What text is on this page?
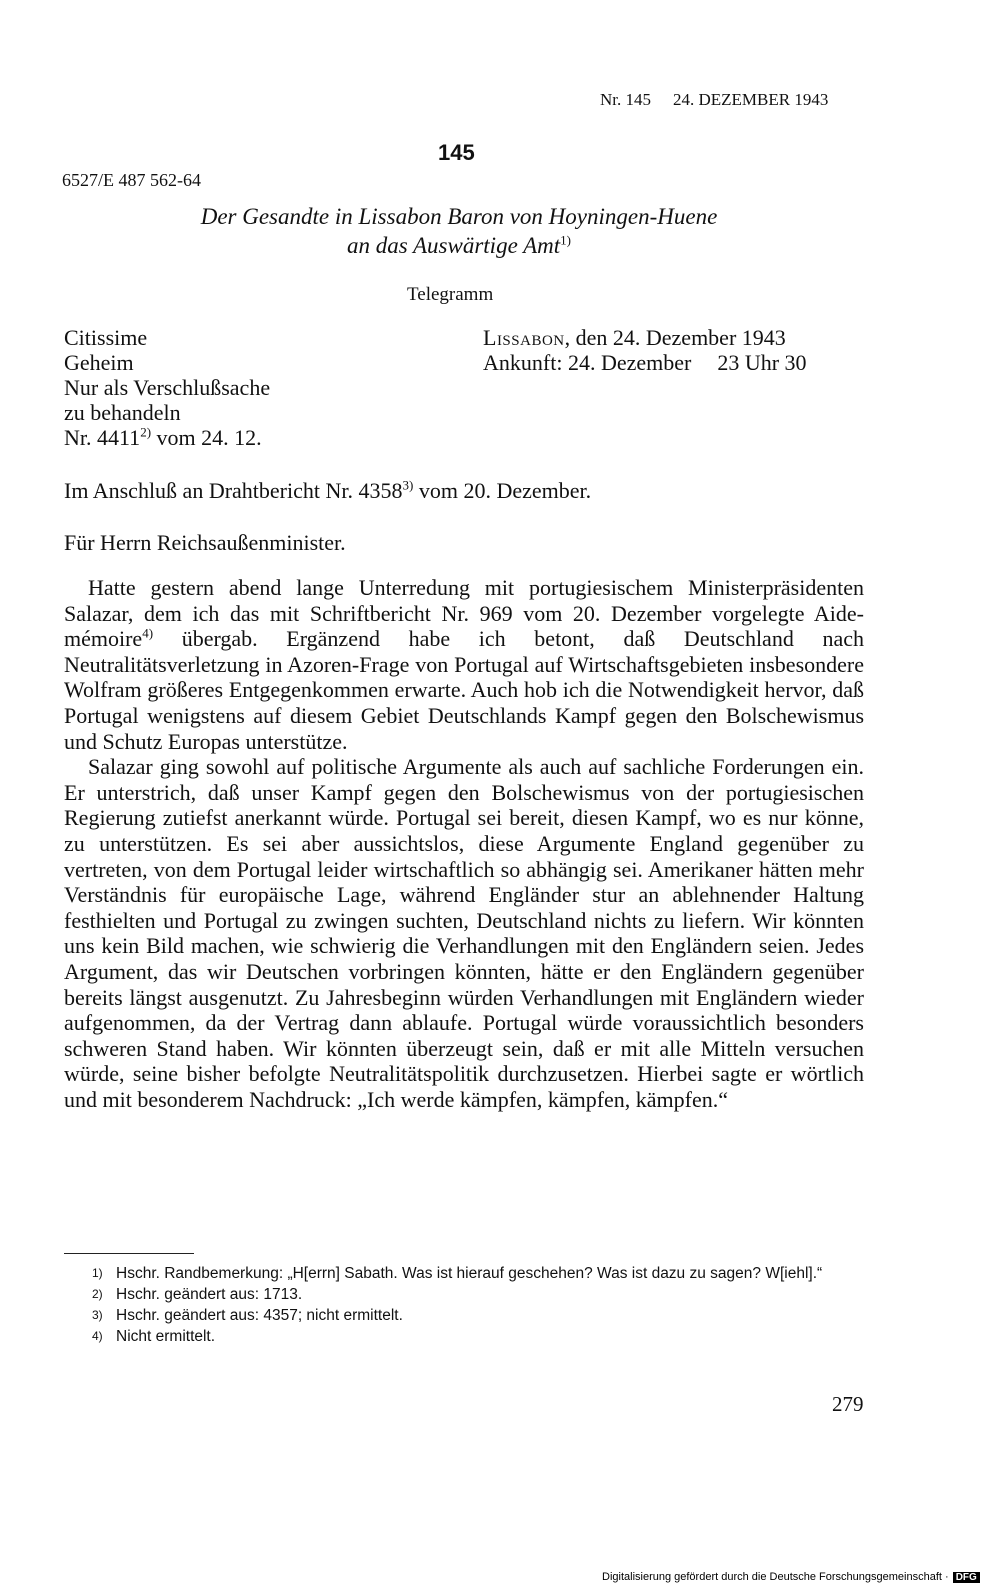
Nr. 145 24. DEZEMBER 1943
145
6527/E 487 562-64
Der Gesandte in Lissabon Baron von Hoyningen-Huene
an das Auswärtige Amt$^{1)}$
Telegramm
Citissime
Geheim
Nur als Verschlußsache
zu behandeln
Nr. 4411$^{2)}$ vom 24. 12.
Lissabon, den 24. Dezember 1943
Ankunft: 24. Dezember 23 Uhr 30
Im Anschluß an Drahtbericht Nr. 4358$^{3)}$ vom 20. Dezember.
Für Herrn Reichsaußenminister.

Hatte gestern abend lange Unterredung mit portugiesischem Ministerpräsidenten Salazar, dem ich das mit Schriftbericht Nr. 969 vom 20. Dezember vorgelegte Aide-mémoire$^{4)}$ übergab. Ergänzend habe ich betont, daß Deutschland nach Neutralitätsverletzung in Azoren-Frage von Portugal auf Wirtschaftsgebieten insbesondere Wolfram größeres Entgegenkommen erwarte. Auch hob ich die Notwendigkeit hervor, daß Portugal wenigstens auf diesem Gebiet Deutschlands Kampf gegen den Bolschewismus und Schutz Europas unterstütze.

Salazar ging sowohl auf politische Argumente als auch auf sachliche Forderungen ein. Er unterstrich, daß unser Kampf gegen den Bolschewismus von der portugiesischen Regierung zutiefst anerkannt würde. Portugal sei bereit, diesen Kampf, wo es nur könne, zu unterstützen. Es sei aber aussichtslos, diese Argumente England gegenüber zu vertreten, von dem Portugal leider wirtschaftlich so abhängig sei. Amerikaner hätten mehr Verständnis für europäische Lage, während Engländer stur an ablehnender Haltung festhielten und Portugal zu zwingen suchten, Deutschland nichts zu liefern. Wir könnten uns kein Bild machen, wie schwierig die Verhandlungen mit den Engländern seien. Jedes Argument, das wir Deutschen vorbringen könnten, hätte er den Engländern gegenüber bereits längst ausgenutzt. Zu Jahresbeginn würden Verhandlungen mit Engländern wieder aufgenommen, da der Vertrag dann ablaufe. Portugal würde voraussichtlich besonders schweren Stand haben. Wir könnten überzeugt sein, daß er mit alle Mitteln versuchen würde, seine bisher befolgte Neutralitätspolitik durchzusetzen. Hierbei sagte er wörtlich und mit besonderem Nachdruck: „Ich werde kämpfen, kämpfen, kämpfen.“

1) Hschr. Randbemerkung: „H[errn] Sabath. Was ist hierauf geschehen? Was ist dazu zu sagen? W[iehl].“
2) Hschr. geändert aus: 1713.
3) Hschr. geändert aus: 4357; nicht ermittelt.
4) Nicht ermittelt.
279
Digitalisierung gefördert durch die Deutsche Forschungsgemeinschaft · DFG
